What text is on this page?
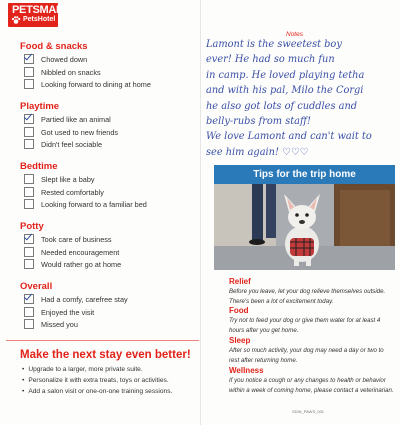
PETSMART
PetsHotel
Food & snacks
Chowed down
Nibbled on snacks
Looking forward to dining at home
Playtime
Partied like an animal
Got used to new friends
Didn't feel sociable
Bedtime
Slept like a baby
Rested comfortably
Looking forward to a familiar bed
Potty
Took care of business
Needed encouragement
Would rather go at home
Overall
Had a comfy, carefree stay
Enjoyed the visit
Missed you
Make the next stay even better!
• Upgrade to a larger, more private suite.
• Personalize it with extra treats, toys or activities.
• Add a salon visit or one-on-one training sessions.
Notes
Lamont is the sweetest boy
ever! He had so much fun
in camp. He loved playing tetha
and with his pal, Milo the Corgi
he also got lots of cuddles and
belly-rubs from staff!
We love Lamont and can't wait to
see him again! ♡♡♡
Tips for the trip home
Relief
Before you leave, let your dog relieve themselves outside. There's been a lot of excitement today.
Food
Try not to feed your dog or give them water for at least 4 hours after you get home.
Sleep
After so much activity, your dog may need a day or two to rest after returning home.
Wellness
If you notice a cough or any changes to health or behavior within a week of coming home, please contact a veterinarian.
SDIN_PAWS_001
